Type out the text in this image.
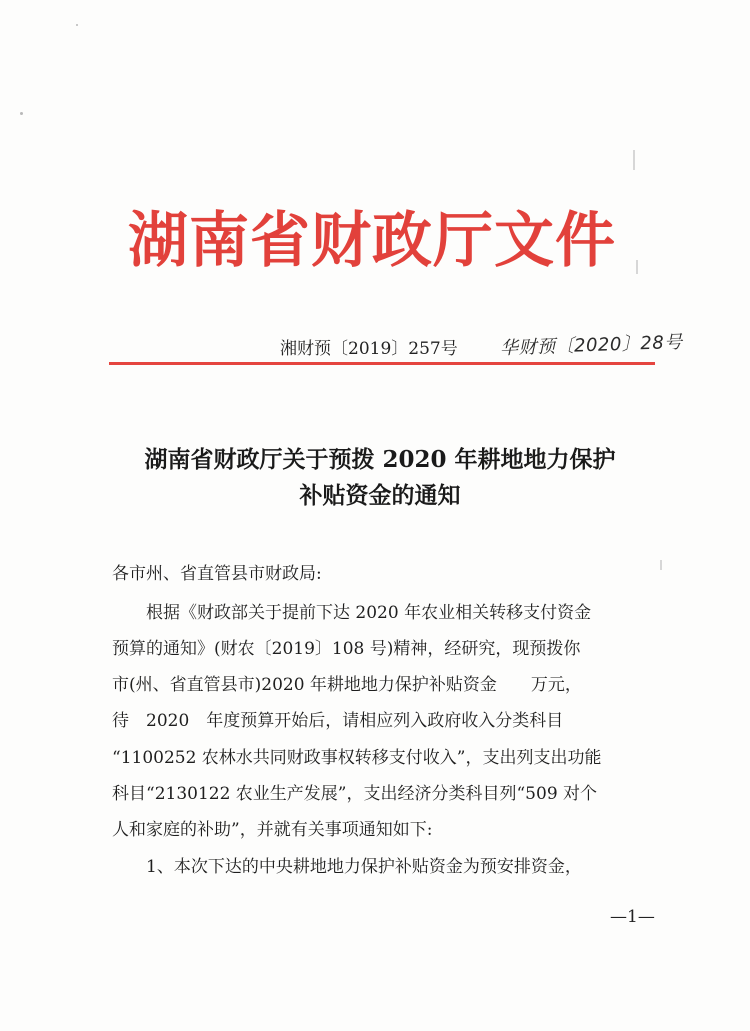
湖南省财政厅文件
湘财预〔2019〕257号 华财预〔2020〕28号
湖南省财政厅关于预拨 2020 年耕地地力保护
补贴资金的通知
各市州、省直管县市财政局:
　　根据《财政部关于提前下达 2020 年农业相关转移支付资金
预算的通知》(财农〔2019〕108 号)精神，经研究，现预拨你
市(州、省直管县市)2020 年耕地地力保护补贴资金　　万元，
待　2020　年度预算开始后，请相应列入政府收入分类科目
“1100252 农林水共同财政事权转移支付收入”，支出列支出功能
科目“2130122 农业生产发展”，支出经济分类科目列“509 对个
人和家庭的补助”，并就有关事项通知如下:
　　1、本次下达的中央耕地地力保护补贴资金为预安排资金，
—1—
